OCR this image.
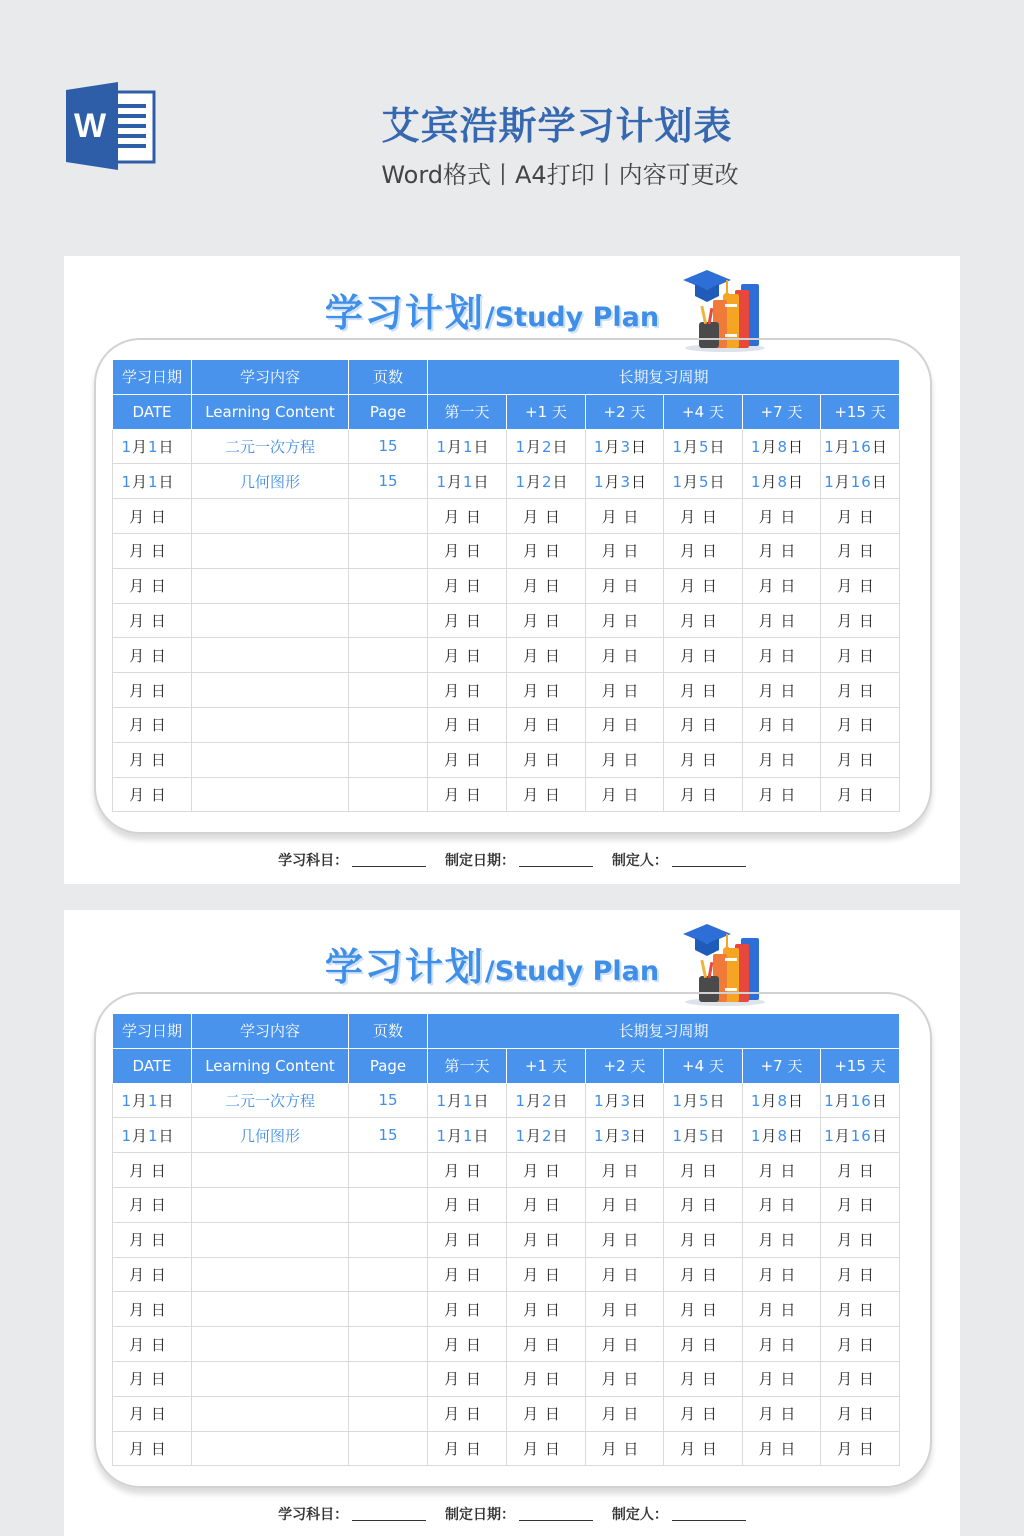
W	艾宾浩斯学习计划表
Word格式丨A4打印丨内容可更改
学习计划/Study Plan
学习日期	学习内容	页数	长期复习周期					
DATE	Learning Content	Page	第一天	+1 天	+2 天	+4 天	+7 天	+15 天
1月1日	二元一次方程	15	1月1日	1月2日	1月3日	1月5日	1月8日	1月16日
1月1日	几何图形	15	1月1日	1月2日	1月3日	1月5日	1月8日	1月16日
月 日			月 日	月 日	月 日	月 日	月 日	月 日
月 日			月 日	月 日	月 日	月 日	月 日	月 日
月 日			月 日	月 日	月 日	月 日	月 日	月 日
月 日			月 日	月 日	月 日	月 日	月 日	月 日
月 日			月 日	月 日	月 日	月 日	月 日	月 日
月 日			月 日	月 日	月 日	月 日	月 日	月 日
月 日			月 日	月 日	月 日	月 日	月 日	月 日
月 日			月 日	月 日	月 日	月 日	月 日	月 日
月 日			月 日	月 日	月 日	月 日	月 日	月 日
学习科目：	制定日期：	制定人：
学习计划/Study Plan
学习日期	学习内容	页数	长期复习周期					
DATE	Learning Content	Page	第一天	+1 天	+2 天	+4 天	+7 天	+15 天
1月1日	二元一次方程	15	1月1日	1月2日	1月3日	1月5日	1月8日	1月16日
1月1日	几何图形	15	1月1日	1月2日	1月3日	1月5日	1月8日	1月16日
月 日			月 日	月 日	月 日	月 日	月 日	月 日
月 日			月 日	月 日	月 日	月 日	月 日	月 日
月 日			月 日	月 日	月 日	月 日	月 日	月 日
月 日			月 日	月 日	月 日	月 日	月 日	月 日
月 日			月 日	月 日	月 日	月 日	月 日	月 日
月 日			月 日	月 日	月 日	月 日	月 日	月 日
月 日			月 日	月 日	月 日	月 日	月 日	月 日
月 日			月 日	月 日	月 日	月 日	月 日	月 日
月 日			月 日	月 日	月 日	月 日	月 日	月 日
学习科目：	制定日期：	制定人：
